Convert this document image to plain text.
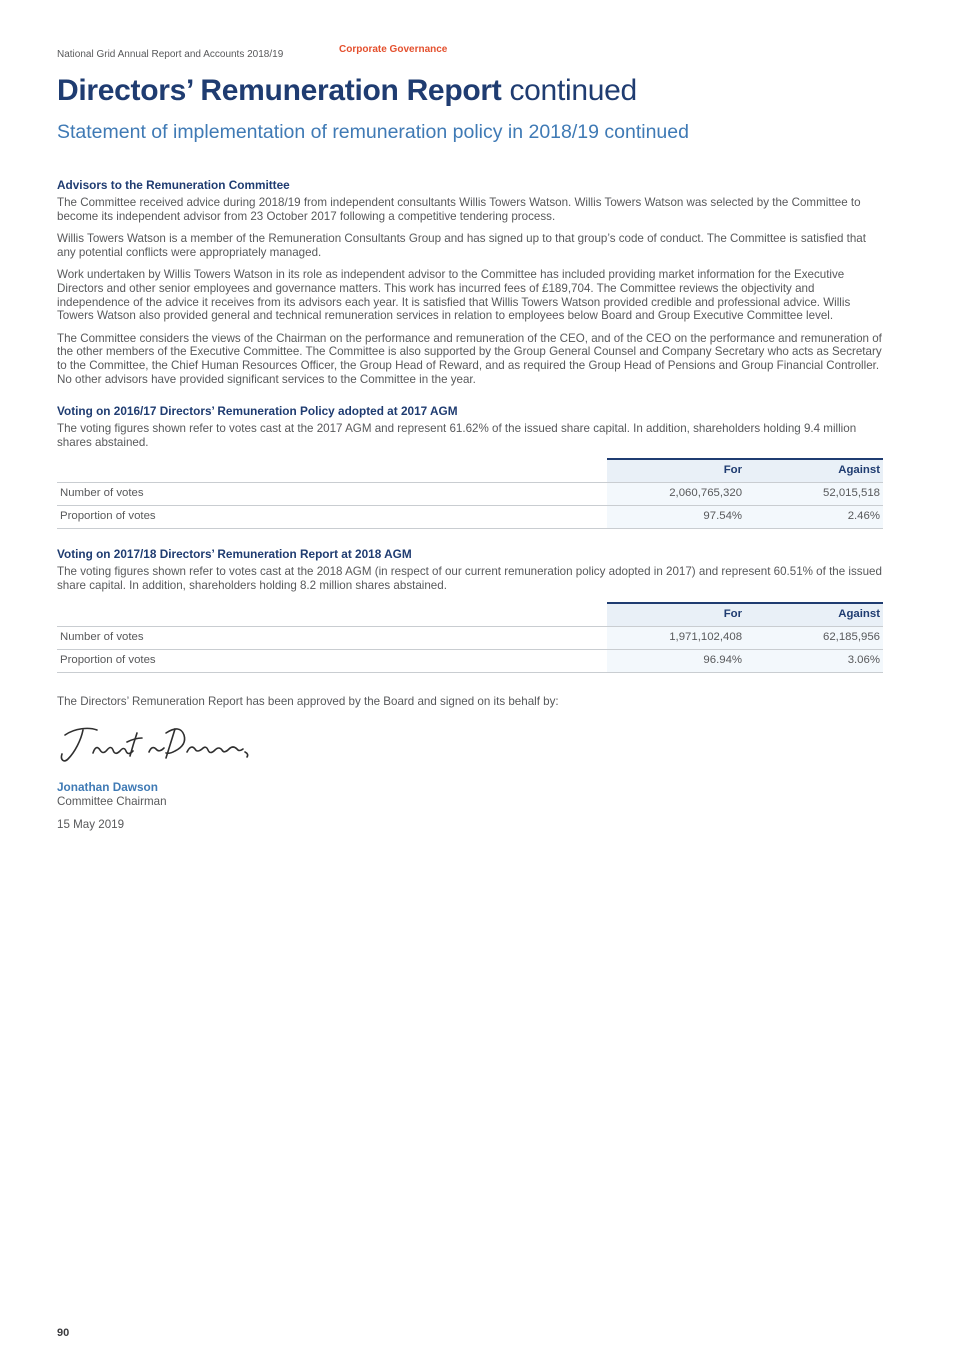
National Grid Annual Report and Accounts 2018/19	Corporate Governance
Directors’ Remuneration Report continued
Statement of implementation of remuneration policy in 2018/19 continued
Advisors to the Remuneration Committee

The Committee received advice during 2018/19 from independent consultants Willis Towers Watson. Willis Towers Watson was selected by the Committee to become its independent advisor from 23 October 2017 following a competitive tendering process.

Willis Towers Watson is a member of the Remuneration Consultants Group and has signed up to that group’s code of conduct. The Committee is satisfied that any potential conflicts were appropriately managed.

Work undertaken by Willis Towers Watson in its role as independent advisor to the Committee has included providing market information for the Executive Directors and other senior employees and governance matters. This work has incurred fees of £189,704. The Committee reviews the objectivity and independence of the advice it receives from its advisors each year. It is satisfied that Willis Towers Watson provided credible and professional advice. Willis Towers Watson also provided general and technical remuneration services in relation to employees below Board and Group Executive Committee level.

The Committee considers the views of the Chairman on the performance and remuneration of the CEO, and of the CEO on the performance and remuneration of the other members of the Executive Committee. The Committee is also supported by the Group General Counsel and Company Secretary who acts as Secretary to the Committee, the Chief Human Resources Officer, the Group Head of Reward, and as required the Group Head of Pensions and Group Financial Controller. No other advisors have provided significant services to the Committee in the year.

Voting on 2016/17 Directors’ Remuneration Policy adopted at 2017 AGM

The voting figures shown refer to votes cast at the 2017 AGM and represent 61.62% of the issued share capital. In addition, shareholders holding 9.4 million shares abstained.

	For	Against
Number of votes	2,060,765,320	52,015,518
Proportion of votes	97.54%	2.46%
Voting on 2017/18 Directors’ Remuneration Report at 2018 AGM

The voting figures shown refer to votes cast at the 2018 AGM (in respect of our current remuneration policy adopted in 2017) and represent 60.51% of the issued share capital. In addition, shareholders holding 8.2 million shares abstained.

	For	Against
Number of votes	1,971,102,408	62,185,956
Proportion of votes	96.94%	3.06%

The Directors’ Remuneration Report has been approved by the Board and signed on its behalf by:

Jonathan Dawson
Committee Chairman
15 May 2019
90
